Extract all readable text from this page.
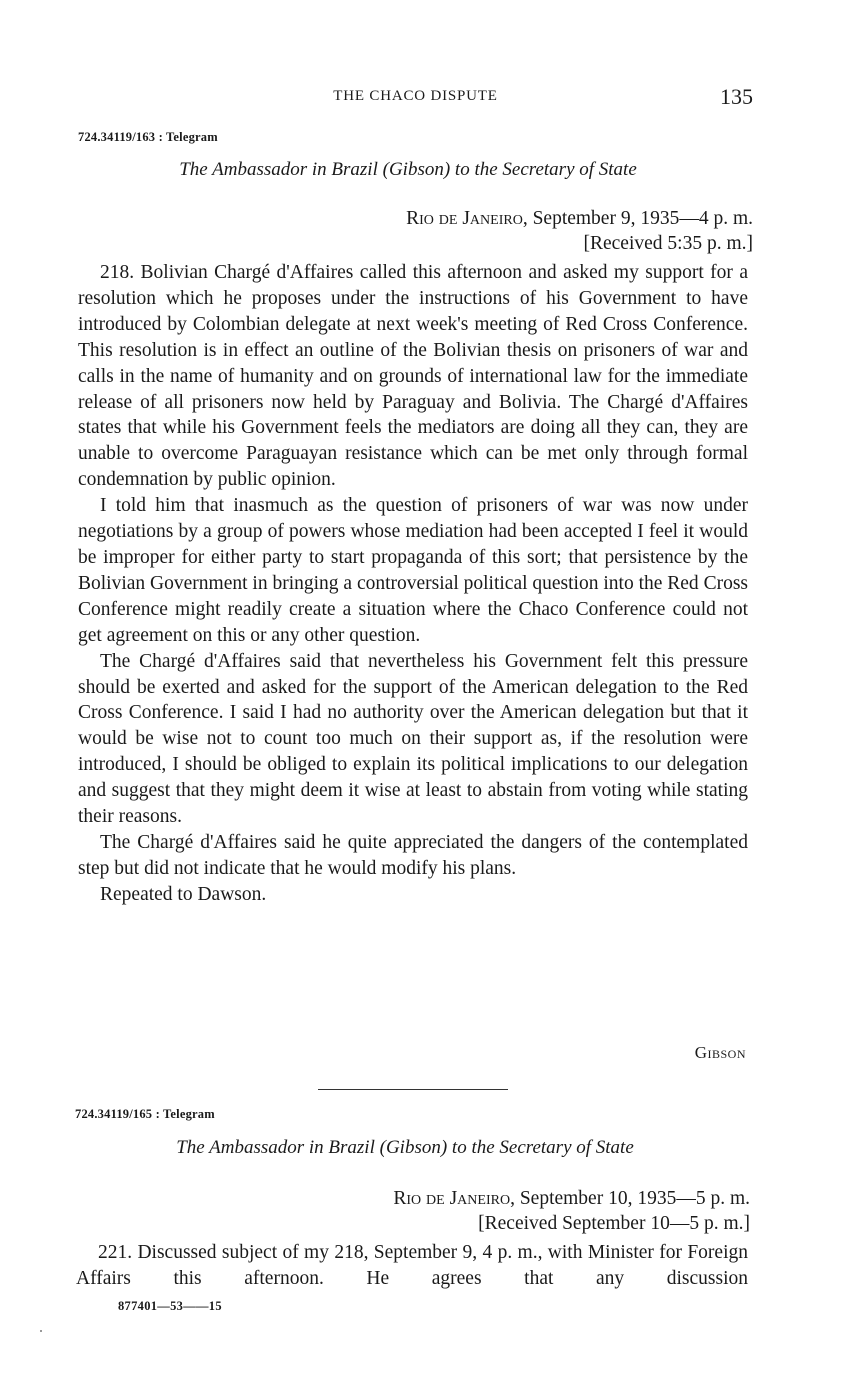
THE CHACO DISPUTE	135
724.34119/163 : Telegram
The Ambassador in Brazil (Gibson) to the Secretary of State
Rio de Janeiro, September 9, 1935—4 p. m.
[Received 5:35 p. m.]

218. Bolivian Chargé d'Affaires called this afternoon and asked my support for a resolution which he proposes under the instructions of his Government to have introduced by Colombian delegate at next week's meeting of Red Cross Conference. This resolution is in effect an outline of the Bolivian thesis on prisoners of war and calls in the name of humanity and on grounds of international law for the immediate release of all prisoners now held by Paraguay and Bolivia. The Chargé d'Affaires states that while his Government feels the mediators are doing all they can, they are unable to overcome Paraguayan resistance which can be met only through formal condemnation by public opinion.

I told him that inasmuch as the question of prisoners of war was now under negotiations by a group of powers whose mediation had been accepted I feel it would be improper for either party to start propaganda of this sort; that persistence by the Bolivian Government in bringing a controversial political question into the Red Cross Conference might readily create a situation where the Chaco Conference could not get agreement on this or any other question.

The Chargé d'Affaires said that nevertheless his Government felt this pressure should be exerted and asked for the support of the American delegation to the Red Cross Conference. I said I had no authority over the American delegation but that it would be wise not to count too much on their support as, if the resolution were introduced, I should be obliged to explain its political implications to our delegation and suggest that they might deem it wise at least to abstain from voting while stating their reasons.

The Chargé d'Affaires said he quite appreciated the dangers of the contemplated step but did not indicate that he would modify his plans.

Repeated to Dawson.

Gibson
724.34119/165 : Telegram
The Ambassador in Brazil (Gibson) to the Secretary of State
Rio de Janeiro, September 10, 1935—5 p. m.
[Received September 10—5 p. m.]

221. Discussed subject of my 218, September 9, 4 p. m., with Minister for Foreign Affairs this afternoon. He agrees that any discussion

877401—53——15
